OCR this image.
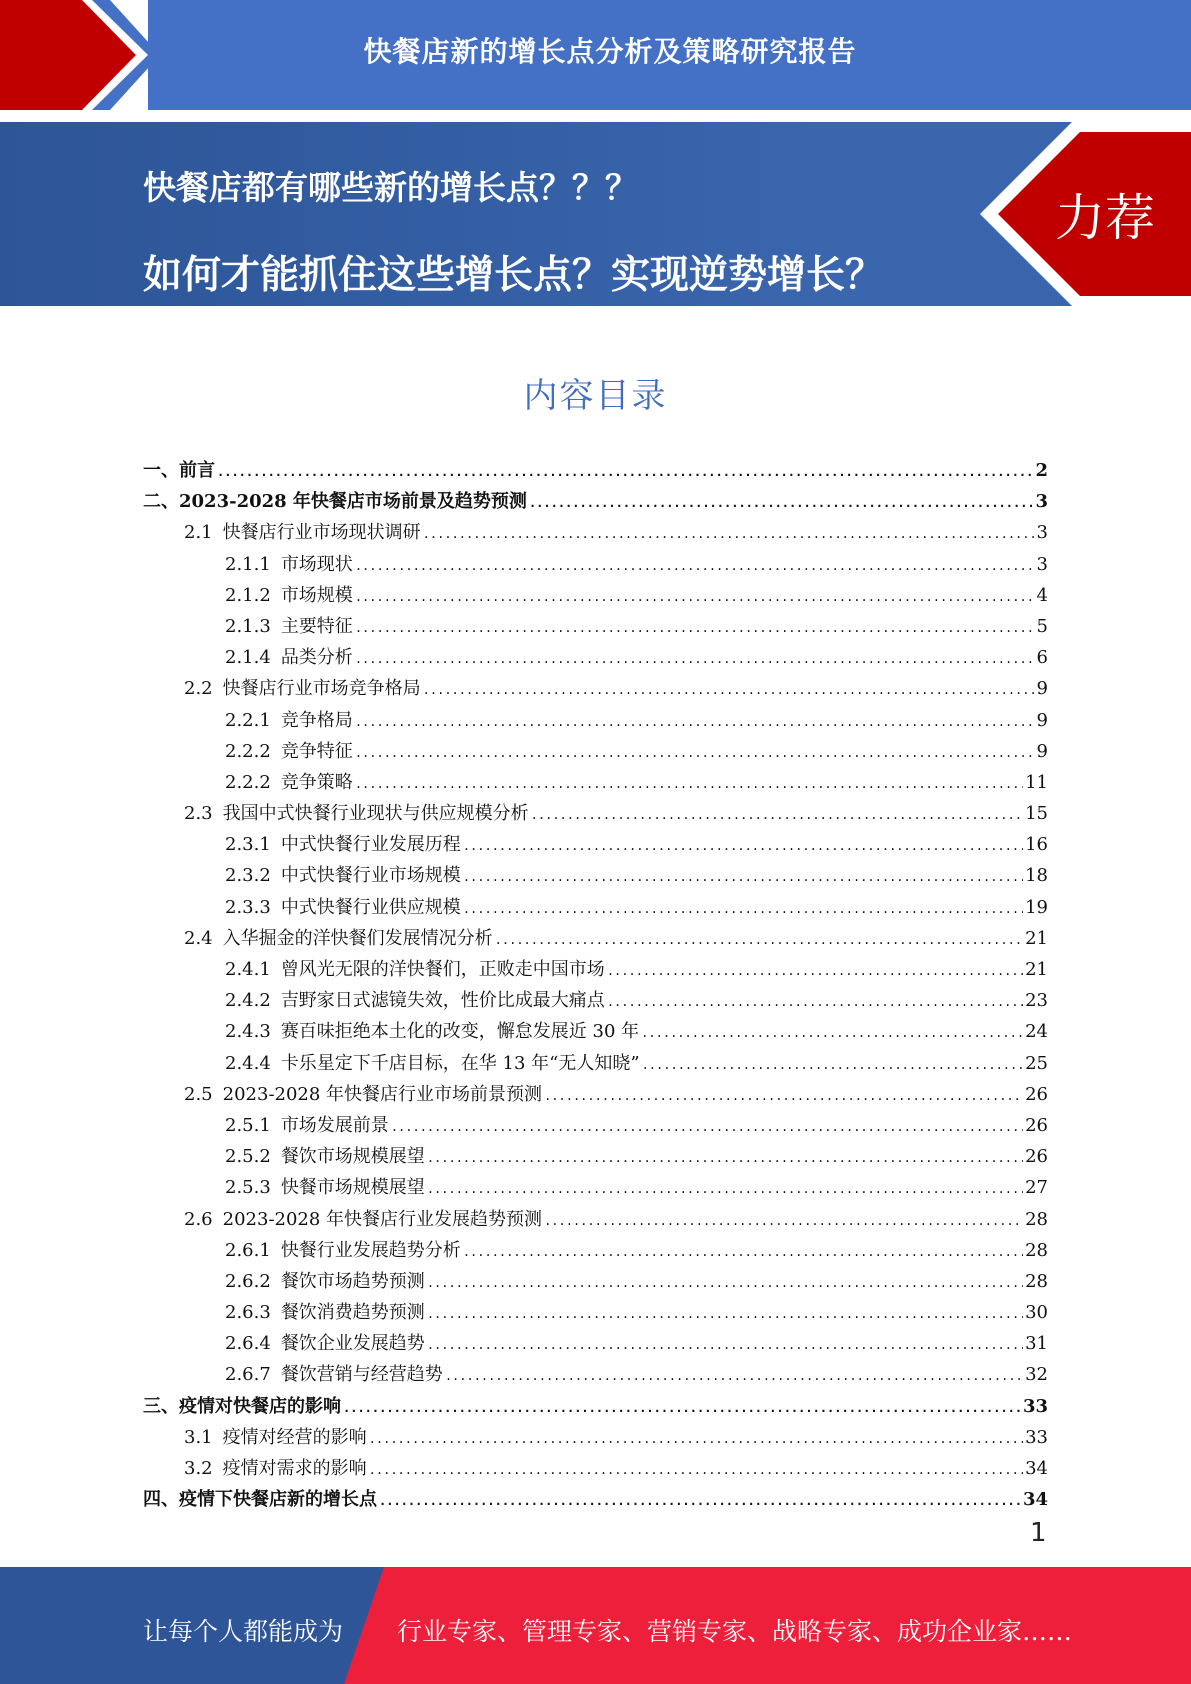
快餐店新的增长点分析及策略研究报告
快餐店都有哪些新的增长点？？？
如何才能抓住这些增长点？实现逆势增长？
力荐
内容目录
一、 前言 .....	2
二、 2023-2028 年快餐店市场前景及趋势预测 .....	3
2.1 快餐店行业市场现状调研 .....	3
2.1.1 市场现状 .....	3
2.1.2 市场规模 .....	4
2.1.3 主要特征 .....	5
2.1.4 品类分析 .....	6
2.2 快餐店行业市场竞争格局 .....	9
2.2.1 竞争格局 .....	9
2.2.2 竞争特征 .....	9
2.2.2 竞争策略 .....	11
2.3 我国中式快餐行业现状与供应规模分析 .....	15
2.3.1 中式快餐行业发展历程 .....	16
2.3.2 中式快餐行业市场规模 .....	18
2.3.3 中式快餐行业供应规模 .....	19
2.4 入华掘金的洋快餐们发展情况分析 .....	21
2.4.1 曾风光无限的洋快餐们，正败走中国市场 .....	21
2.4.2 吉野家日式滤镜失效，性价比成最大痛点 .....	23
2.4.3 赛百味拒绝本土化的改变，懈怠发展近 30 年 .....	24
2.4.4 卡乐星定下千店目标，在华 13 年“无人知晓” .....	25
2.5 2023-2028 年快餐店行业市场前景预测 .....	26
2.5.1 市场发展前景 .....	26
2.5.2 餐饮市场规模展望 .....	26
2.5.3 快餐市场规模展望 .....	27
2.6 2023-2028 年快餐店行业发展趋势预测 .....	28
2.6.1 快餐行业发展趋势分析 .....	28
2.6.2 餐饮市场趋势预测 .....	28
2.6.3 餐饮消费趋势预测 .....	30
2.6.4 餐饮企业发展趋势 .....	31
2.6.7 餐饮营销与经营趋势 .....	32
三、 疫情对快餐店的影响 .....	33
3.1 疫情对经营的影响 .....	33
3.2 疫情对需求的影响 .....	34
四、 疫情下快餐店新的增长点 .....	34
1
让每个人都能成为 行业专家、管理专家、营销专家、战略专家、成功企业家……
